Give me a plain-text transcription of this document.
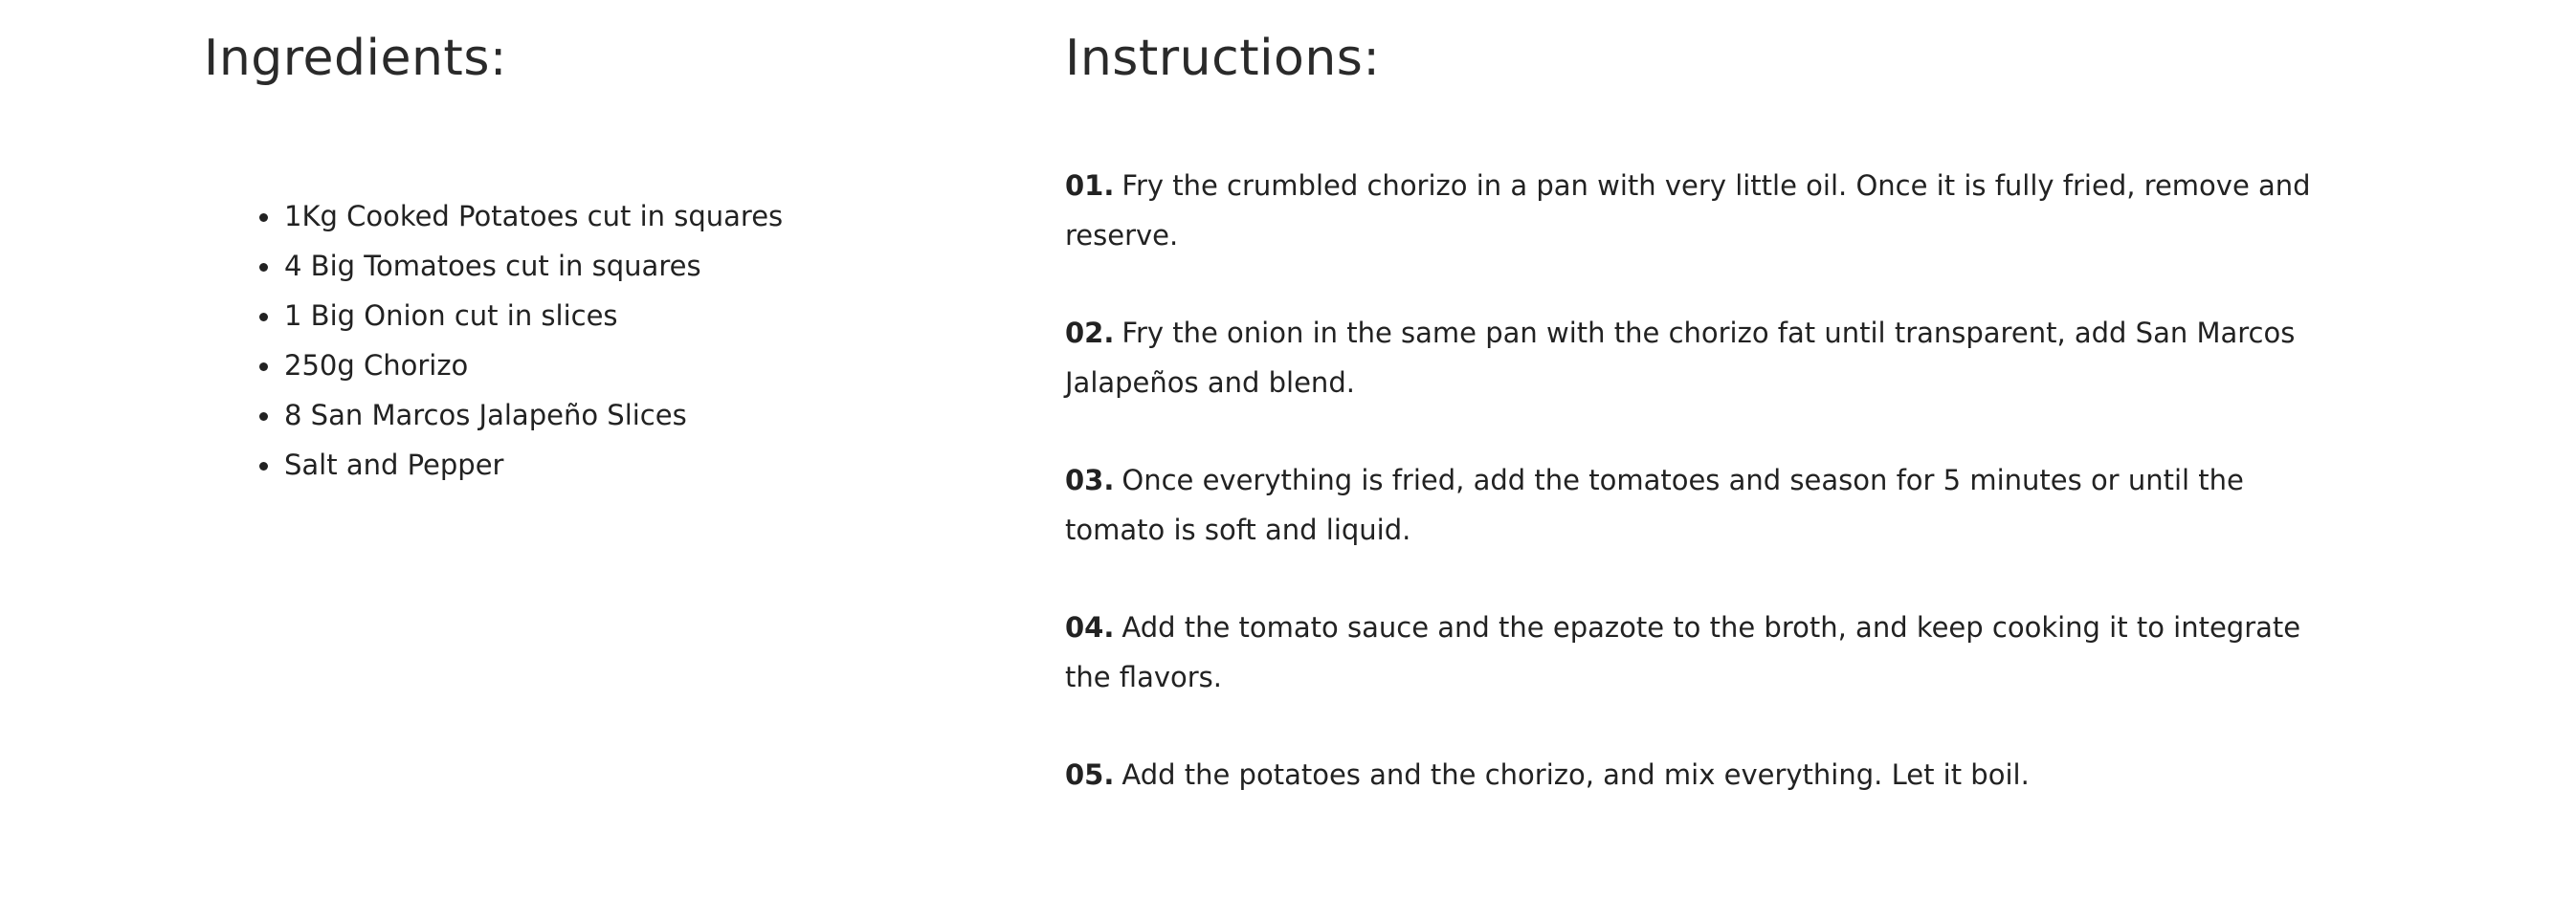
Ingredients:
1Kg Cooked Potatoes cut in squares
4 Big Tomatoes cut in squares
1 Big Onion cut in slices
250g Chorizo
8 San Marcos Jalapeño Slices
Salt and Pepper
Instructions:

01. Fry the crumbled chorizo in a pan with very little oil. Once it is fully fried, remove and reserve.

02. Fry the onion in the same pan with the chorizo fat until transparent, add San Marcos Jalapeños and blend.

03. Once everything is fried, add the tomatoes and season for 5 minutes or until the tomato is soft and liquid.

04. Add the tomato sauce and the epazote to the broth, and keep cooking it to integrate the flavors.

05. Add the potatoes and the chorizo, and mix everything. Let it boil.
